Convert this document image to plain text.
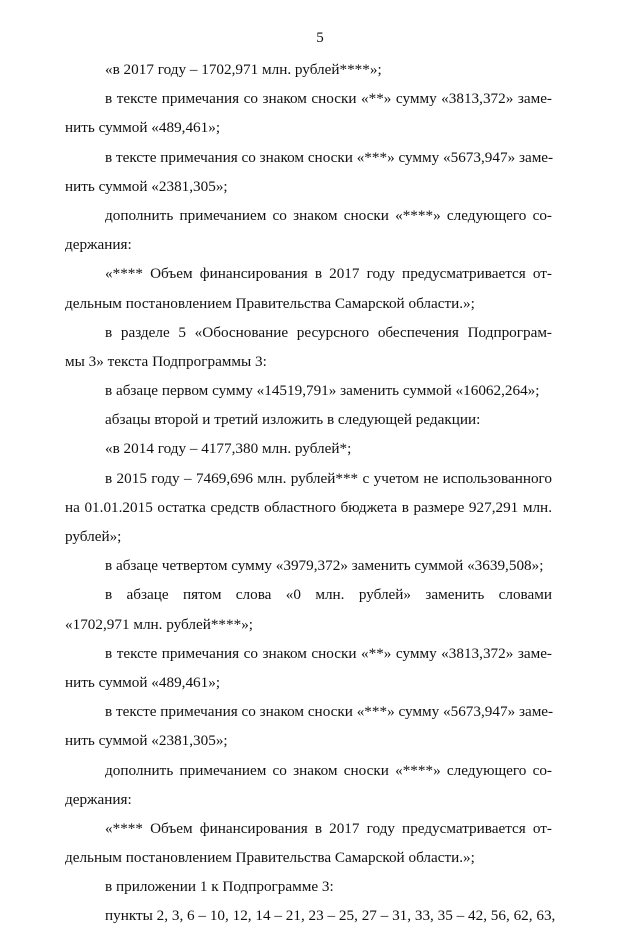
5
«в 2017 году – 1702,971 млн. рублей****»;
в тексте примечания со знаком сноски «**» сумму «3813,372» заме-
нить суммой «489,461»;
в тексте примечания со знаком сноски «***» сумму «5673,947» заме-
нить суммой «2381,305»;
дополнить примечанием со знаком сноски «****» следующего со-
держания:
«**** Объем финансирования в 2017 году предусматривается от-
дельным постановлением Правительства Самарской области.»;
в разделе 5 «Обоснование ресурсного обеспечения Подпрограм-
мы 3» текста Подпрограммы 3:
в абзаце первом сумму «14519,791» заменить суммой «16062,264»;
абзацы второй и третий изложить в следующей редакции:
«в 2014 году – 4177,380 млн. рублей*;
в 2015 году – 7469,696 млн. рублей*** с учетом не использованного
на 01.01.2015 остатка средств областного бюджета в размере 927,291 млн.
рублей»;
в абзаце четвертом сумму «3979,372» заменить суммой «3639,508»;
в абзаце пятом слова «0 млн. рублей» заменить словами
«1702,971 млн. рублей****»;
в тексте примечания со знаком сноски «**» сумму «3813,372» заме-
нить суммой «489,461»;
в тексте примечания со знаком сноски «***» сумму «5673,947» заме-
нить суммой «2381,305»;
дополнить примечанием со знаком сноски «****» следующего со-
держания:
«**** Объем финансирования в 2017 году предусматривается от-
дельным постановлением Правительства Самарской области.»;
в приложении 1 к Подпрограмме 3:
пункты 2, 3, 6 – 10, 12, 14 – 21, 23 – 25, 27 – 31, 33, 35 – 42, 56, 62, 63,
